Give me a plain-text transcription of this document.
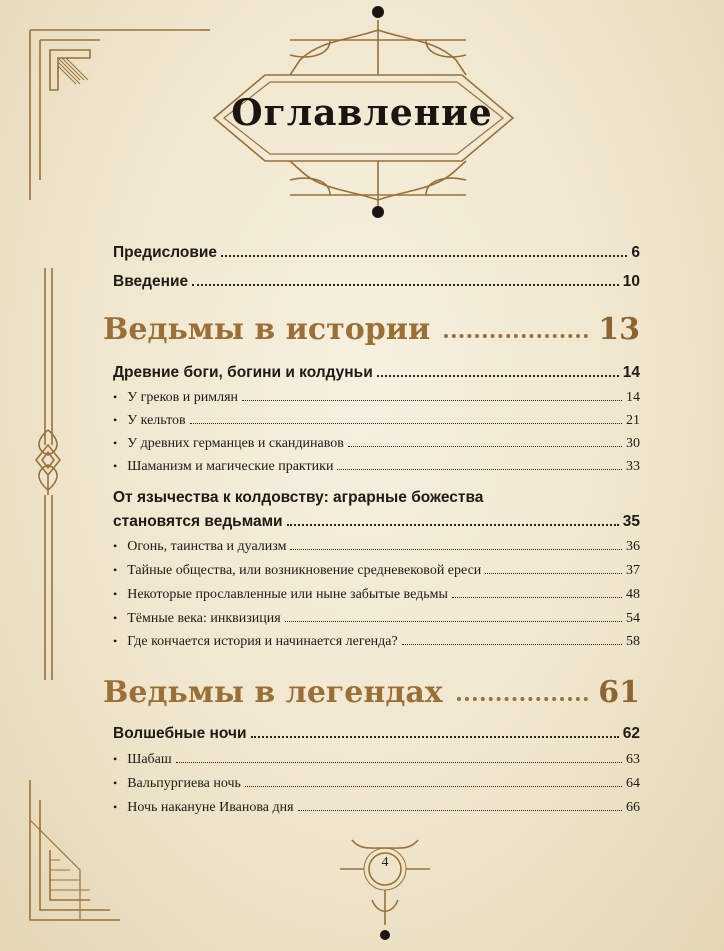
Оглавление
Предисловие	6
Введение	10
Ведьмы в истории	13
Древние боги, богини и колдуньи	14
• У греков и римлян	14
• У кельтов	21
• У древних германцев и скандинавов	30
• Шаманизм и магические практики	33
От язычества к колдовству: аграрные божества
становятся ведьмами	35
• Огонь, таинства и дуализм	36
• Тайные общества, или возникновение средневековой ереси	37
• Некоторые прославленные или ныне забытые ведьмы	48
• Тёмные века: инквизиция	54
• Где кончается история и начинается легенда?	58
Ведьмы в легендах	61
Волшебные ночи	62
• Шабаш	63
• Вальпургиева ночь	64
• Ночь накануне Иванова дня	66
4
